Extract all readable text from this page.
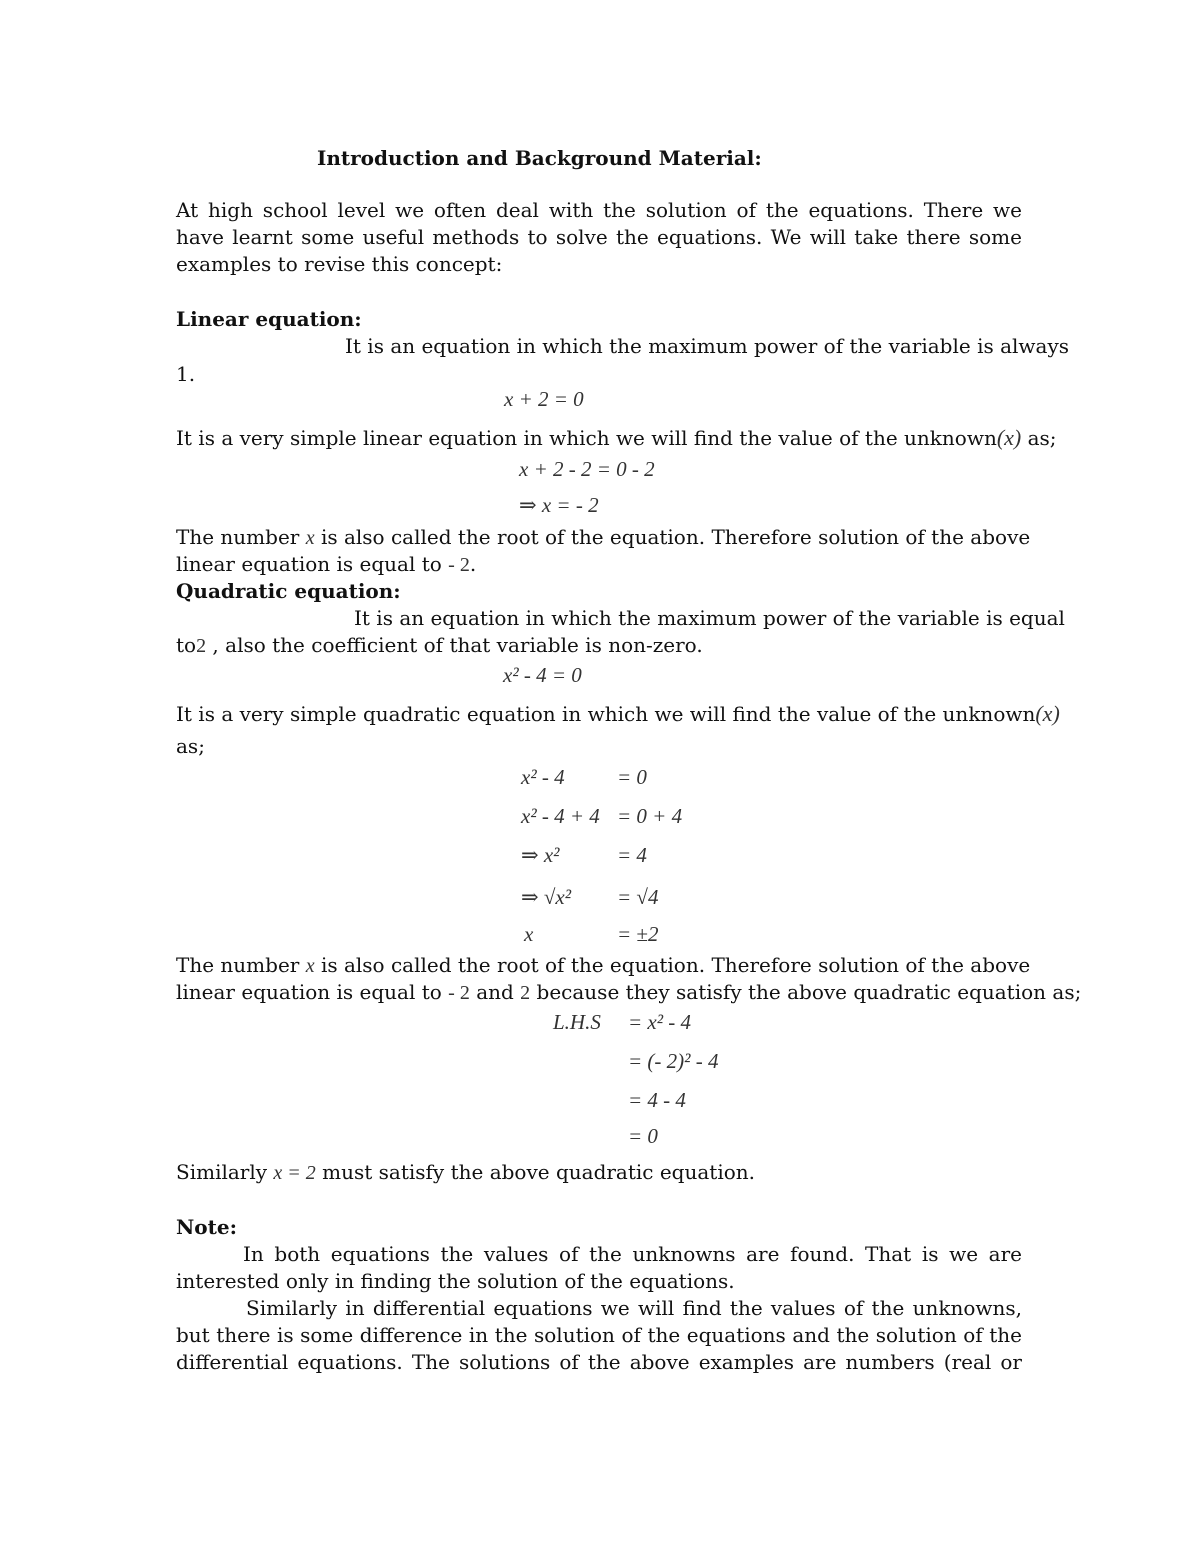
Introduction and Background Material:
At high school level we often deal with the solution of the equations. There we have learnt some useful methods to solve the equations. We will take there some examples to revise this concept:
Linear equation:
It is an equation in which the maximum power of the variable is always
1.
x + 2 = 0
It is a very simple linear equation in which we will find the value of the unknown(x) as;
x + 2 - 2 = 0 - 2
⇒ x = - 2
The number x is also called the root of the equation. Therefore solution of the above
linear equation is equal to - 2.
Quadratic equation:
It is an equation in which the maximum power of the variable is equal
to2 , also the coefficient of that variable is non-zero.
x² - 4 = 0
It is a very simple quadratic equation in which we will find the value of the unknown(x)
as;
x² - 4 = 0
x² - 4 + 4 = 0 + 4
⇒ x²	= 4
⇒ √x² = √4
x	= ±2
The number x is also called the root of the equation. Therefore solution of the above
linear equation is equal to - 2 and 2 because they satisfy the above quadratic equation as;
L.H.S = x² - 4
= (- 2)² - 4
= 4 - 4
= 0
Similarly x = 2 must satisfy the above quadratic equation.
Note:
In both equations the values of the unknowns are found. That is we are interested only in finding the solution of the equations.
Similarly in differential equations we will find the values of the unknowns, but there is some difference in the solution of the equations and the solution of the differential equations. The solutions of the above examples are numbers (real or
